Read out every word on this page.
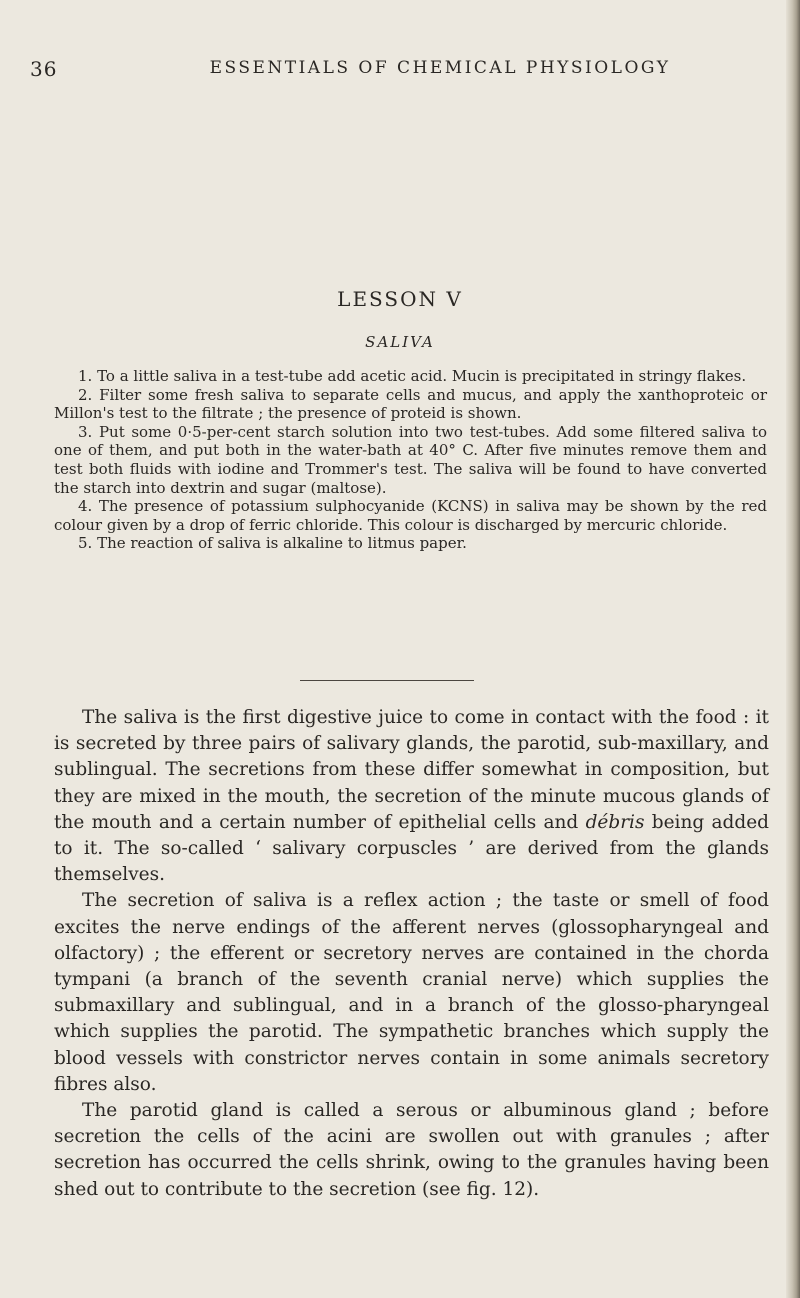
36	ESSENTIALS OF CHEMICAL PHYSIOLOGY
LESSON V
SALIVA

1. To a little saliva in a test-tube add acetic acid. Mucin is precipitated in stringy flakes.

2. Filter some fresh saliva to separate cells and mucus, and apply the xanthoproteic or Millon's test to the filtrate ; the presence of proteid is shown.

3. Put some 0·5-per-cent starch solution into two test-tubes. Add some filtered saliva to one of them, and put both in the water-bath at 40° C. After five minutes remove them and test both fluids with iodine and Trommer's test. The saliva will be found to have converted the starch into dextrin and sugar (maltose).

4. The presence of potassium sulphocyanide (KCNS) in saliva may be shown by the red colour given by a drop of ferric chloride. This colour is discharged by mercuric chloride.

5. The reaction of saliva is alkaline to litmus paper.

The saliva is the first digestive juice to come in contact with the food : it is secreted by three pairs of salivary glands, the parotid, sub-maxillary, and sublingual. The secretions from these differ somewhat in composition, but they are mixed in the mouth, the secretion of the minute mucous glands of the mouth and a certain number of epithelial cells and débris being added to it. The so-called ‘ salivary corpuscles ’ are derived from the glands themselves.

The secretion of saliva is a reflex action ; the taste or smell of food excites the nerve endings of the afferent nerves (glossopharyngeal and olfactory) ; the efferent or secretory nerves are contained in the chorda tympani (a branch of the seventh cranial nerve) which supplies the submaxillary and sublingual, and in a branch of the glosso-pharyngeal which supplies the parotid. The sympathetic branches which supply the blood vessels with constrictor nerves contain in some animals secretory fibres also.

The parotid gland is called a serous or albuminous gland ; before secretion the cells of the acini are swollen out with granules ; after secretion has occurred the cells shrink, owing to the granules having been shed out to contribute to the secretion (see fig. 12).
